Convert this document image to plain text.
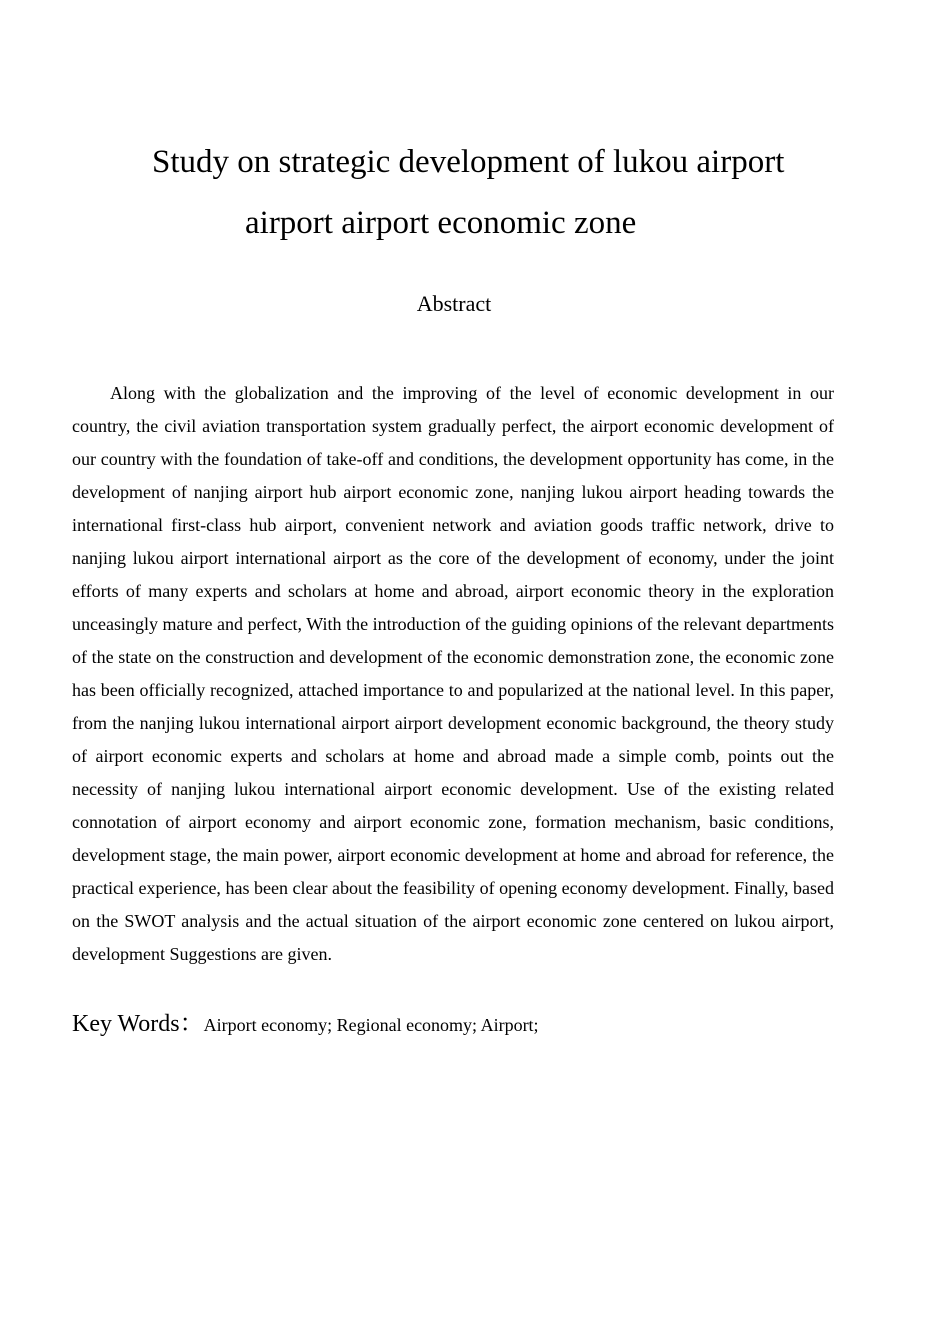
Study on strategic development of lukou airport
airport airport economic zone
Abstract

Along with the globalization and the improving of the level of economic development in our country, the civil aviation transportation system gradually perfect, the airport economic development of our country with the foundation of take-off and conditions, the development opportunity has come, in the development of nanjing airport hub airport economic zone, nanjing lukou airport heading towards the international first-class hub airport, convenient network and aviation goods traffic network, drive to nanjing lukou airport international airport as the core of the development of economy, under the joint efforts of many experts and scholars at home and abroad, airport economic theory in the exploration unceasingly mature and perfect, With the introduction of the guiding opinions of the relevant departments of the state on the construction and development of the economic demonstration zone, the economic zone has been officially recognized, attached importance to and popularized at the national level. In this paper, from the nanjing lukou international airport airport development economic background, the theory study of airport economic experts and scholars at home and abroad made a simple comb, points out the necessity of nanjing lukou international airport economic development. Use of the existing related connotation of airport economy and airport economic zone, formation mechanism, basic conditions, development stage, the main power, airport economic development at home and abroad for reference, the practical experience, has been clear about the feasibility of opening economy development. Finally, based on the SWOT analysis and the actual situation of the airport economic zone centered on lukou airport, development Suggestions are given.

Key Words：Airport economy; Regional economy; Airport;
